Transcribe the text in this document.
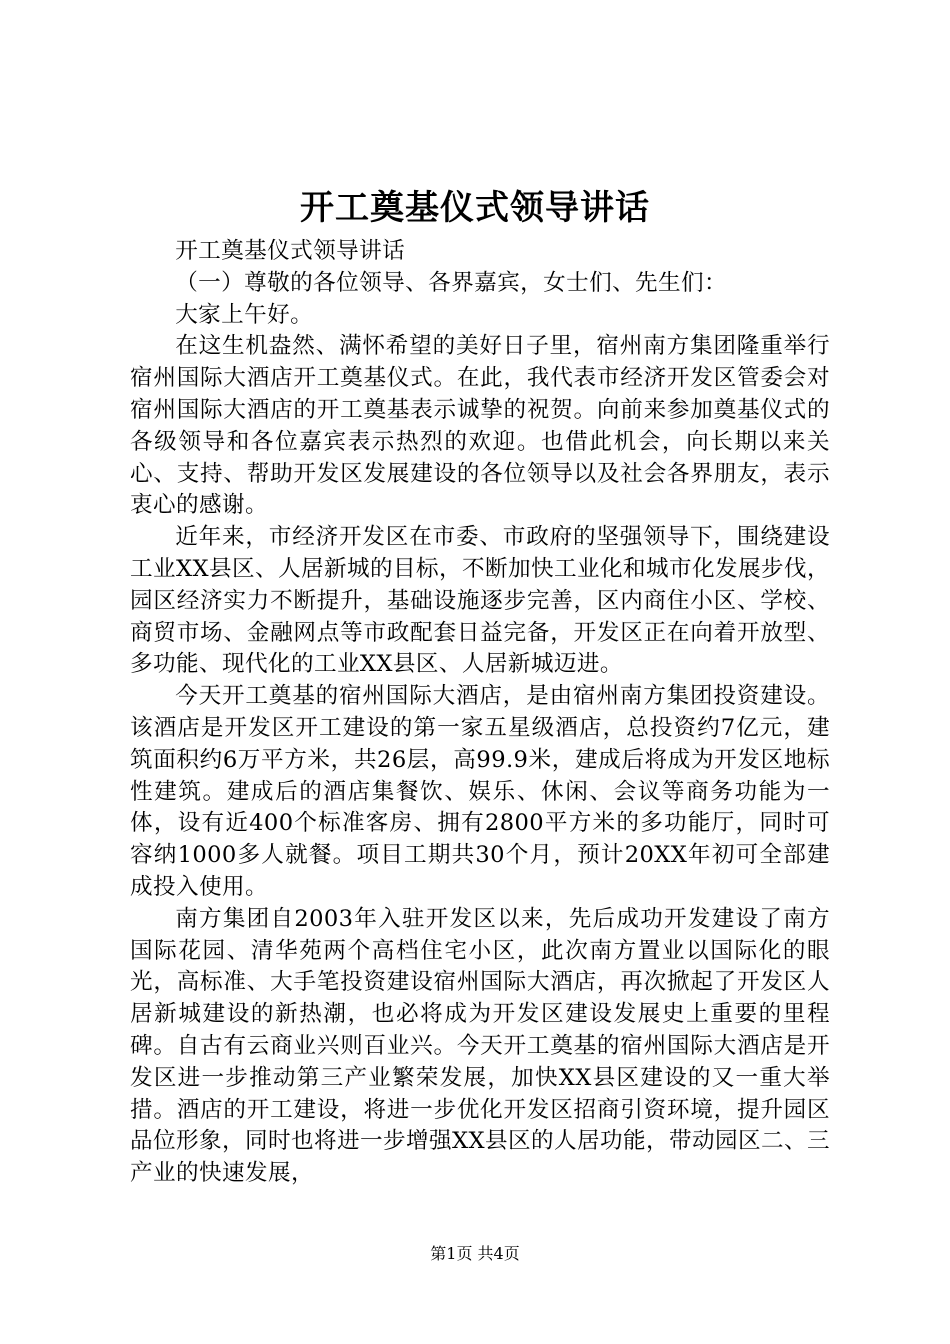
开工奠基仪式领导讲话

开工奠基仪式领导讲话

（一）尊敬的各位领导、各界嘉宾，女士们、先生们：

大家上午好。

在这生机盎然、满怀希望的美好日子里，宿州南方集团隆重举行宿州国际大酒店开工奠基仪式。在此，我代表市经济开发区管委会对宿州国际大酒店的开工奠基表示诚挚的祝贺。向前来参加奠基仪式的各级领导和各位嘉宾表示热烈的欢迎。也借此机会，向长期以来关心、支持、帮助开发区发展建设的各位领导以及社会各界朋友，表示衷心的感谢。

近年来，市经济开发区在市委、市政府的坚强领导下，围绕建设工业XX县区、人居新城的目标，不断加快工业化和城市化发展步伐，园区经济实力不断提升，基础设施逐步完善，区内商住小区、学校、商贸市场、金融网点等市政配套日益完备，开发区正在向着开放型、多功能、现代化的工业XX县区、人居新城迈进。

今天开工奠基的宿州国际大酒店，是由宿州南方集团投资建设。该酒店是开发区开工建设的第一家五星级酒店，总投资约7亿元，建筑面积约6万平方米，共26层，高99.9米，建成后将成为开发区地标性建筑。建成后的酒店集餐饮、娱乐、休闲、会议等商务功能为一体，设有近400个标准客房、拥有2800平方米的多功能厅，同时可容纳1000多人就餐。项目工期共30个月，预计20XX年初可全部建成投入使用。

南方集团自2003年入驻开发区以来，先后成功开发建设了南方国际花园、清华苑两个高档住宅小区，此次南方置业以国际化的眼光，高标准、大手笔投资建设宿州国际大酒店，再次掀起了开发区人居新城建设的新热潮，也必将成为开发区建设发展史上重要的里程碑。自古有云商业兴则百业兴。今天开工奠基的宿州国际大酒店是开发区进一步推动第三产业繁荣发展，加快XX县区建设的又一重大举措。酒店的开工建设，将进一步优化开发区招商引资环境，提升园区品位形象，同时也将进一步增强XX县区的人居功能，带动园区二、三产业的快速发展，

第1页 共4页
